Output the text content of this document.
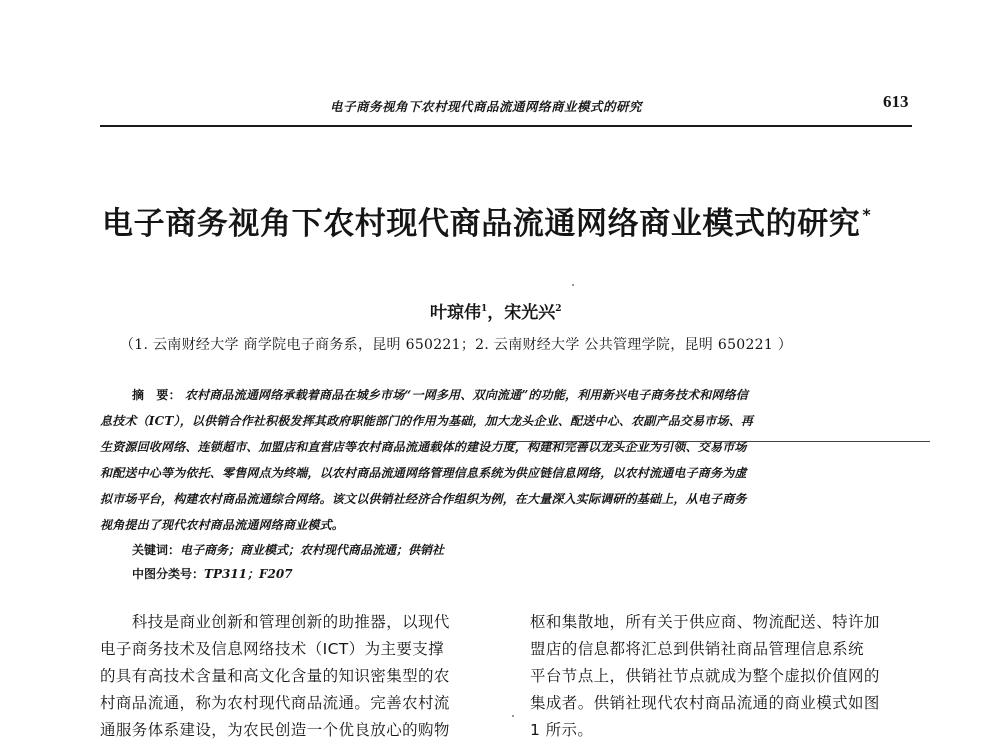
电子商务视角下农村现代商品流通网络商业模式的研究	613
电子商务视角下农村现代商品流通网络商业模式的研究 *
叶琼伟$^1$，宋光兴$^2$
（1. 云南财经大学 商学院电子商务系，昆明 650221；2. 云南财经大学 公共管理学院，昆明 650221 ）
摘　要： 农村商品流通网络承载着商品在城乡市场“一网多用、双向流通”的功能，利用新兴电子商务技术和网络信
息技术（ICT），以供销合作社积极发挥其政府职能部门的作用为基础，加大龙头企业、配送中心、农副产品交易市场、再
生资源回收网络、连锁超市、加盟店和直营店等农村商品流通载体的建设力度，构建和完善以龙头企业为引领、交易市场
和配送中心等为依托、零售网点为终端，以农村商品流通网络管理信息系统为供应链信息网络，以农村流通电子商务为虚
拟市场平台，构建农村商品流通综合网络。该文以供销社经济合作组织为例，在大量深入实际调研的基础上，从电子商务
视角提出了现代农村商品流通网络商业模式。
关键词：电子商务；商业模式；农村现代商品流通；供销社
中图分类号：TP311；F207
　　科技是商业创新和管理创新的助推器，以现代
电子商务技术及信息网络技术（ICT）为主要支撑
的具有高技术含量和高文化含量的知识密集型的农
村商品流通，称为农村现代商品流通。完善农村流
通服务体系建设，为农民创造一个优良放心的购物
枢和集散地，所有关于供应商、物流配送、特许加
盟店的信息都将汇总到供销社商品管理信息系统
平台节点上，供销社节点就成为整个虚拟价值网的
集成者。供销社现代农村商品流通的商业模式如图
1 所示。
